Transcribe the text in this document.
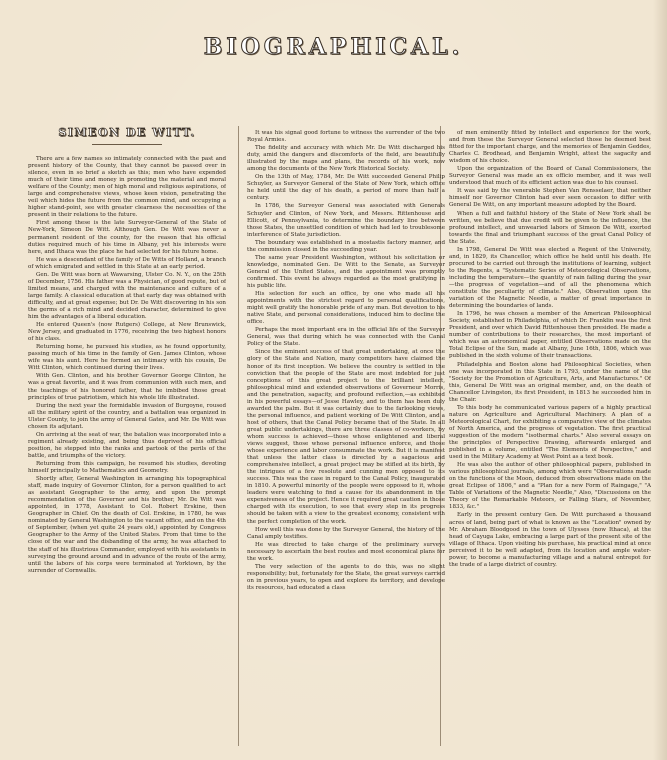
BIOGRAPHICAL.
SIMEON DE WITT.

There are a few names so intimately connected with the past and present history of the County, that they cannot be passed over in silence, even in so brief a sketch as this; men who have expended much of their time and money in promoting the material and moral welfare of the County; men of high moral and religious aspirations, of large and comprehensive views, whose keen vision, penetrating the veil which hides the future from the common mind, and occupying a higher stand-point, see with greater clearness the necessities of the present in their relations to the future.

First among these is the late Surveyor-General of the State of New-York, Simeon De Witt. Although Gen. De Witt was never a permanent resident of the county, for the reason that his official duties required much of his time in Albany, yet his interests were here, and Ithaca was the place he had selected for his future home.

He was a descendant of the family of De Witts of Holland, a branch of which emigrated and settled in this State at an early period.

Gen. De Witt was born at Wawarsing, Ulster Co. N. Y., on the 25th of December, 1756. His father was a Physician, of good repute, but of limited means, and charged with the maintenance and culture of a large family. A classical education at that early day was obtained with difficulty, and at great expense; but Dr. De Witt discovering in his son the germs of a rich mind and decided character, determined to give him the advantages of a liberal education.

He entered Queen's (now Rutgers) College, at New Brunswick, New Jersey, and graduated in 1776, receiving the two highest honors of his class.

Returning home, he pursued his studies, as he found opportunity, passing much of his time in the family of Gen. James Clinton, whose wife was his aunt. Here he formed an intimacy with his cousin, De Witt Clinton, which continued during their lives.

With Gen. Clinton, and his brother Governor George Clinton, he was a great favorite, and it was from communion with such men, and the teachings of his honored father, that he imbibed those great principles of true patriotism, which his whole life illustrated.

During the next year the formidable invasion of Burgoyne, roused all the military spirit of the country, and a battalion was organized in Ulster County, to join the army of General Gates, and Mr. De Witt was chosen its adjutant.

On arriving at the seat of war, the batalion was incorporated into a regiment already existing, and being thus deprived of his official position, he stepped into the ranks and partook of the perils of the battle, and triumphs of the victory.

Returning from this campaign, he resumed his studies, devoting himself principally to Mathematics and Geometry.

Shortly after, General Washington in arranging his topographical staff, made inquiry of Governor Clinton, for a person qualified to act as assistant Geographer to the army, and upon the prompt recommendation of the Governor and his brother, Mr. De Witt was appointed, in 1778, Assistant to Col. Robert Erskine, then Geographer in Chief. On the death of Col. Erskine, in 1780, he was nominated by General Washington to the vacant office, and on the 4th of September, (when yet quite 24 years old,) appointed by Congress Geographer to the Army of the United States. From that time to the close of the war and the disbanding of the army, he was attached to the staff of his illustrious Commander, employed with his assistants in surveying the ground around and in advance of the route of the army, until the labors of his corps were terminated at Yorktown, by the surrender of Cornwallis.

It was his signal good fortune to witness the surrender of the two Royal Armies.

The fidelity and accuracy with which Mr. De Witt discharged his duty, amid the dangers and discomforts of the field, are beautifully illustrated by the maps and plans, the records of his work, now among the documents of the New York Historical Society.

On the 13th of May, 1784, Mr. De Witt succeeded General Philip Schuyler, as Surveyor General of the State of New York, which office he held until the day of his death, a period of more than half a century.

In 1786, the Surveyor General was associated with Generals Schuyler and Clinton, of New York, and Messrs. Rittenhouse and Ellicott, of Pennsylvania, to determine the boundary line between those States, the unsettled condition of which had led to troublesome interference of State jurisdiction.

The boundary was established in a mostastis factory manner, and the commission closed in the succeeding year.

The same year President Washington, without his solicitation or knowledge, nominated Gen. De Witt to the Senate, as Surveyor General of the United States, and the appointment was promptly confirmed. This event he always regarded as the most gratifying in his public life.

His selection for such an office, by one who made all his appointments with the strictest regard to personal qualifications, might well gratify the honorable pride of any man. But devotion to his native State, and personal considerations, induced him to decline the office.

Perhaps the most important era in the official life of the Surveyor General, was that during which he was connected with the Canal Policy of the State.

Since the eminent success of that great undertaking, at once the glory of the State and Nation, many competitors have claimed the honor of its first inception. We believe the country is settled in the conviction that the people of the State are most indebted for just conceptions of this great project to the brilliant intellect, philosophical mind and extended observations of Governeur Morris, and the penetration, sagacity, and profound reflection,—as exhibited in his powerful essays—of Jesse Hawley, and to them has been duly awarded the palm. But it was certainly due to the farlooking views, the personal influence, and patient working of De Witt Clinton, and a host of others, that the Canal Policy became that of the State. In all great public undertakings, there are three classes of co-workers, by whom success is achieved—those whose enlightened and liberal views suggest, those whose personal influence enforce, and those whose experience and labor consummate the work. But it is manifest that unless the latter class is directed by a sagacious and comprehensive intellect, a great project may be stifled at its birth, by the intrigues of a few resolute and cunning men opposed to its success. This was the case in regard to the Canal Policy, inaugurated in 1810. A powerful minority of the people were opposed to it, whose leaders were watching to find a cause for its abandonment in the expensiveness of the project. Hence it required great caution in those charged with its execution, to see that every step in its progress should be taken with a view to the greatest economy, consistent with the perfect completion of the work.

How well this was done by the Surveyor General, the history of the Canal amply testifies.

He was directed to take charge of the preliminary surveys necessary to ascertain the best routes and most economical plans for the work.

The very selection of the agents to do this, was no slight responsibility; but, fortunately for the State, the great surveys carried on in previous years, to open and explore its territory, and develope its resources, had educated a class

of men eminently fitted by intellect and experience for the work, and from these the Surveyor General selected those he deemed best fitted for the important charge, and the memories of Benjamin Geddes, Charles C. Brodhead, and Benjamin Wright, attest the sagacity and wisdom of his choice.

Upon the organization of the Board of Canal Commissioners, the Surveyor General was made an ex officio member, and it was well understood that much of its efficient action was due to his counsel.

It was said by the venerable Stephen Van Rensselaer, that neither himself nor Governor Clinton had ever seen occasion to differ with General De Witt, on any important measure adopted by the Board.

When a full and faithful history of the State of New York shall be written, we believe that due credit will be given to the influence, the profound intellect, and unwearied labors of Simeon De Witt, exerted towards the final and triumphant success of the great Canal Policy of the State.

In 1798, General De Witt was elected a Regent of the University, and, in 1829, its Chancellor, which office he held until his death. He procured to be carried out through the institutions of learning, subject to the Regents, a "Systematic Series of Meteorological Observations, including the temperature—the quantity of rain falling during the year—the progress of vegetation—and of all the phenomena which constitute the peculiarity of climate." Also, Observation upon the variation of the Magnetic Needle, a matter of great importance in determining the boundaries of lands.

In 1796, he was chosen a member of the American Philosophical Society, established in Philadelphia, of which Dr. Franklin was the first President, and over which David Rittenhouse then presided. He made a number of contributions to their researches, the most important of which was an astronomical paper, entitled Observations made on the Total Eclipse of the Sun, made at Albany, June 16th, 1806, which was published in the sixth volume of their transactions.

Philadelphia and Boston alone had Philosophical Societies, when one was incorporated in this State in 1793, under the name of the "Society for the Promotion of Agriculture, Arts, and Manufactures." Of this, General De Witt was an original member, and, on the death of Chancellor Livingston, its first President, in 1813 he succeeded him in the Chair.

To this body he communicated various papers of a highly practical nature on Agriculture and Agricultural Machinery. A plan of a Meteorological Chart, for exhibiting a comparative view of the climates of North America, and the progress of vegetation. The first practical suggestion of the modern "isothermal charts." Also several essays on the principles of Perspective Drawing, afterwards enlarged and published in a volume, entitled "The Elements of Perspective," and used in the Military Academy at West Point as a text book.

He was also the author of other philosophical papers, published in various philosophical journals, among which were "Observations made on the functions of the Moon, deduced from observations made on the great Eclipse of 1806," and a "Plan for a new Form of Raingage," "A Table of Variations of the Magnetic Needle," Also, "Discussions on the Theory of the Remarkable Meteors, or Falling Stars, of November, 1833, &c."

Early in the present century Gen. De Witt purchased a thousand acres of land, being part of what is known as the "Location" owned by Mr. Abraham Bloodgood in the town of Ulysses (now Ithaca), at the head of Cayuga Lake, embracing a large part of the present site of the village of Ithaca. Upon visiting his purchase, his practical mind at once perceived it to be well adapted, from its location and ample water-power, to become a manufacturing village and a natural entrepot for the trade of a large district of country.
